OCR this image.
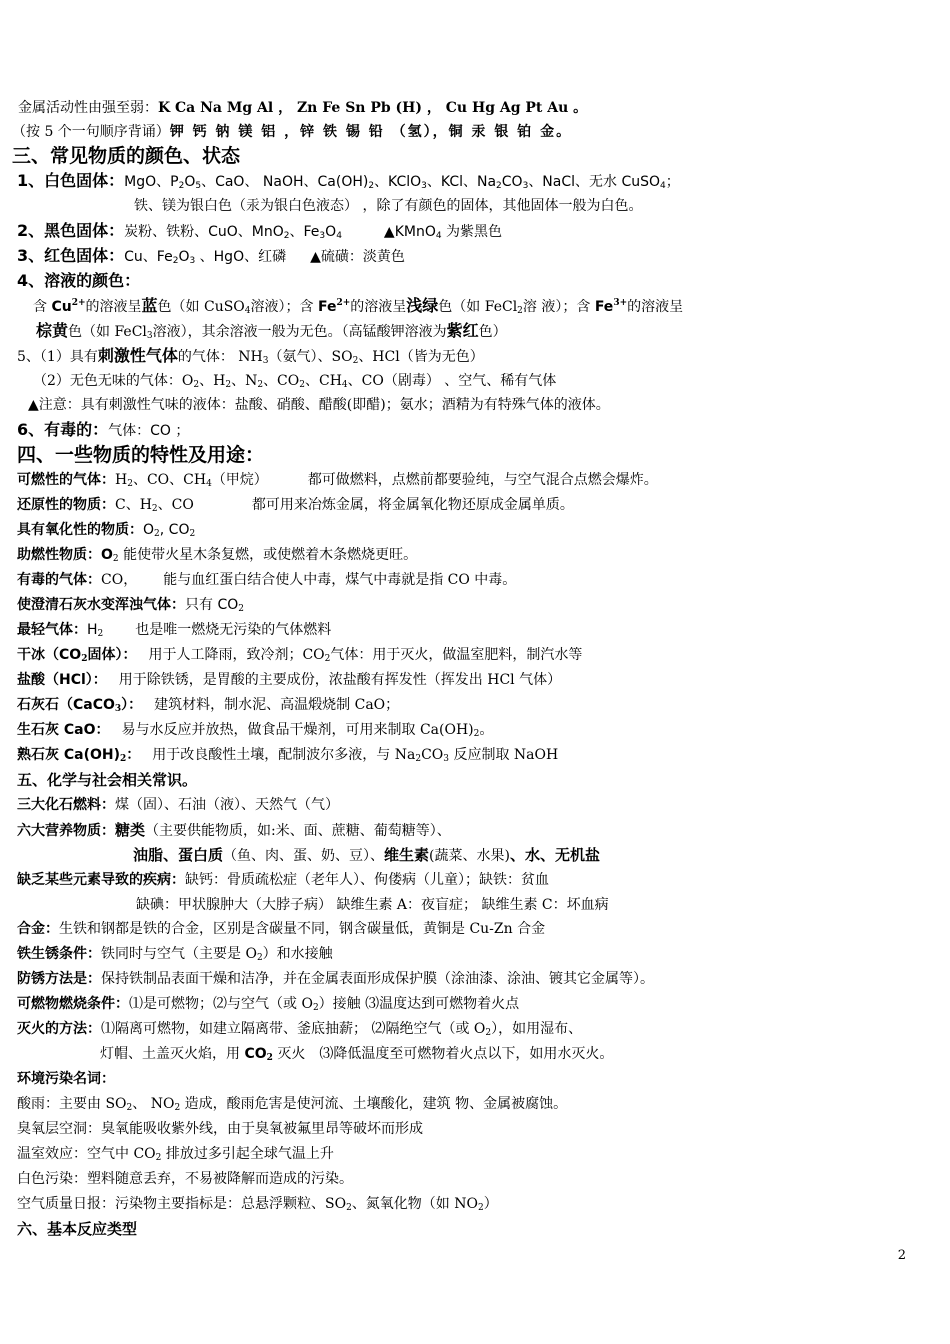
金属活动性由强至弱：K Ca Na Mg Al ， Zn Fe Sn Pb (H) ， Cu Hg Ag Pt Au 。
（按 5 个一句顺序背诵）钾 钙 钠 镁 铝 ，锌 铁 锡 铅 （氢），铜 汞 银 铂 金。
三、常见物质的颜色、状态
1、白色固体：MgO、$P_2O_5$、CaO、 NaOH、$Ca(OH)_2$、KClO$_3$、KCl、$Na_2CO_3$、NaCl、无水 CuSO$_4$；
铁、镁为银白色（汞为银白色液态） ，除了有颜色的固体，其他固体一般为白色。
2、黑色固体：炭粉、铁粉、CuO、MnO$_2$、$Fe_3O_4$	▲KMnO$_4$ 为紫黑色
3、红色固体：Cu、$Fe_2O_3$ 、HgO、红磷 ▲硫磺：淡黄色
4、溶液的颜色：
含 $Cu^{2+}$的溶液呈蓝色（如 CuSO$_4$溶液）；含 $Fe^{2+}$的溶液呈浅绿色（如 FeCl$_2$溶 液）；含 $Fe^{3+}$的溶液呈
棕黄色（如 FeCl$_3$溶液），其余溶液一般为无色。（高锰酸钾溶液为紫红色）
5、（1）具有刺激性气体的气体： $NH_3$（氨气）、$SO_2$、HCl（皆为无色）
（2）无色无味的气体：$O_2$、$H_2$、$N_2$、$CO_2$、$CH_4$、CO（剧毒） 、空气、稀有气体
▲注意：具有刺激性气味的液体：盐酸、硝酸、醋酸(即醋)；氨水；酒精为有特殊气体的液体。
6、有毒的：气体：CO ；
四、一些物质的特性及用途：
可燃性的气体：$H_2$、CO、$CH_4$（甲烷）	都可做燃料，点燃前都要验纯，与空气混合点燃会爆炸。
还原性的物质：C、$H_2$、CO	都可用来冶炼金属，将金属氧化物还原成金属单质。
具有氧化性的物质：$O_2$, $CO_2$
助燃性物质：$O_2$ 能使带火星木条复燃，或使燃着木条燃烧更旺。
有毒的气体：CO， 能与血红蛋白结合使人中毒，煤气中毒就是指 CO 中毒。
使澄清石灰水变浑浊气体：只有 $CO_2$
最轻气体：$H_2$ 也是唯一燃烧无污染的气体燃料
干冰（$CO_2$固体）： 用于人工降雨，致冷剂；$CO_2$气体：用于灭火，做温室肥料，制汽水等
盐酸（HCl）： 用于除铁锈，是胃酸的主要成份，浓盐酸有挥发性（挥发出 HCl 气体）
石灰石（CaCO$_3$）： 建筑材料，制水泥、高温煅烧制 CaO；
生石灰 CaO： 易与水反应并放热，做食品干燥剂，可用来制取 $Ca(OH)_2$。
熟石灰 $Ca(OH)_2$： 用于改良酸性土壤，配制波尔多液，与 $Na_2CO_3$ 反应制取 NaOH
五、化学与社会相关常识。
三大化石燃料：煤（固）、石油（液）、天然气（气）
六大营养物质：糖类（主要供能物质，如:米、面、蔗糖、葡萄糖等）、
油脂、蛋白质（鱼、肉、蛋、奶、豆）、维生素(蔬菜、水果)、水、无机盐
缺乏某些元素导致的疾病：缺钙：骨质疏松症（老年人）、佝偻病（儿童）；缺铁：贫血
缺碘：甲状腺肿大（大脖子病） 缺维生素 A：夜盲症； 缺维生素 C：坏血病
合金：生铁和钢都是铁的合金，区别是含碳量不同，钢含碳量低，黄铜是 Cu-Zn 合金
铁生锈条件：铁同时与空气（主要是 $O_2$）和水接触
防锈方法是：保持铁制品表面干燥和洁净，并在金属表面形成保护膜（涂油漆、涂油、镀其它金属等）。
可燃物燃烧条件：⑴是可燃物；⑵与空气（或 $O_2$）接触 ⑶温度达到可燃物着火点
灭火的方法：⑴隔离可燃物，如建立隔离带、釜底抽薪； ⑵隔绝空气（或 $O_2$），如用湿布、
灯帽、土盖灭火焰，用 $CO_2$ 灭火 ⑶降低温度至可燃物着火点以下，如用水灭火。
环境污染名词：
酸雨：主要由 $SO_2$、 $NO_2$ 造成，酸雨危害是使河流、土壤酸化，建筑 物、金属被腐蚀。
臭氧层空洞：臭氧能吸收紫外线，由于臭氧被氟里昂等破坏而形成
温室效应：空气中 $CO_2$ 排放过多引起全球气温上升
白色污染：塑料随意丢弃，不易被降解而造成的污染。
空气质量日报：污染物主要指标是：总悬浮颗粒、$SO_2$、氮氧化物（如 $NO_2$）
六、基本反应类型
2
